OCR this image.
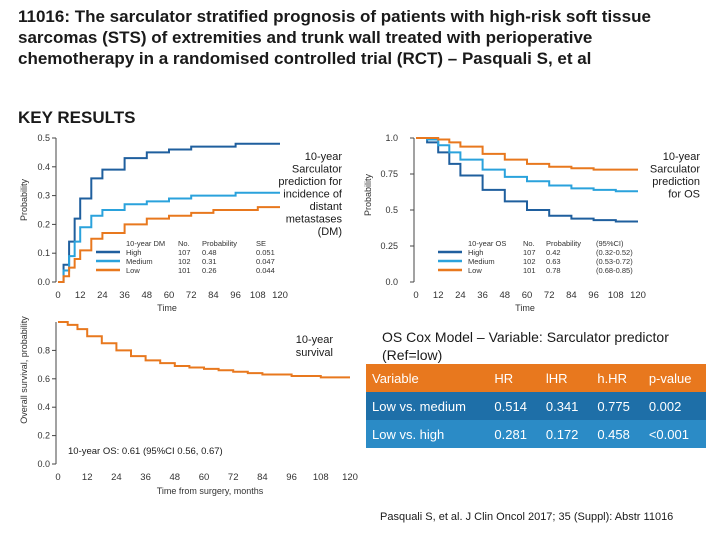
11016: The sarculator stratified prognosis of patients with high-risk soft tissue sarcomas (STS) of extremities and trunk wall treated with perioperative chemotherapy in a randomised controlled trial (RCT) – Pasquali S, et al
KEY RESULTS
0.0
0.1
0.2
0.3
0.4
0.5
0 12 24 36 48 60 72 84 96 108 120
Time
Probability
0.0
0.25
0.5
0.75
1.0
0 12 24 36 48 60 72 84 96 108 120
Time
Probability
0.0
0.2
0.4
0.6
0.8
0 12 24 36 48 60 72 84 96 108 120
Time from surgery, months
Overall survival, probability
10-year Sarculator prediction for incidence of distant metastases (DM)
10-year Sarculator prediction for OS
10-year survival
10-year OS: 0.61 (95%CI 0.56, 0.67)
10-year DM No. Probability	SE
High	107 0.48	0.051
Medium	102 0.31	0.047
Low	101 0.26	0.044
10-year OS No. Probability (95%CI)
High	107 0.42	(0.32-0.52)
Medium	102 0.63	(0.53-0.72)
Low	101 0.78	(0.68-0.85)
OS Cox Model – Variable: Sarculator predictor (Ref=low)
Variable	HR	lHR	h.HR	p-value
Low vs. medium	0.514	0.341	0.775	0.002
Low vs. high	0.281	0.172	0.458	<0.001
Pasquali S, et al. J Clin Oncol 2017; 35 (Suppl): Abstr 11016
